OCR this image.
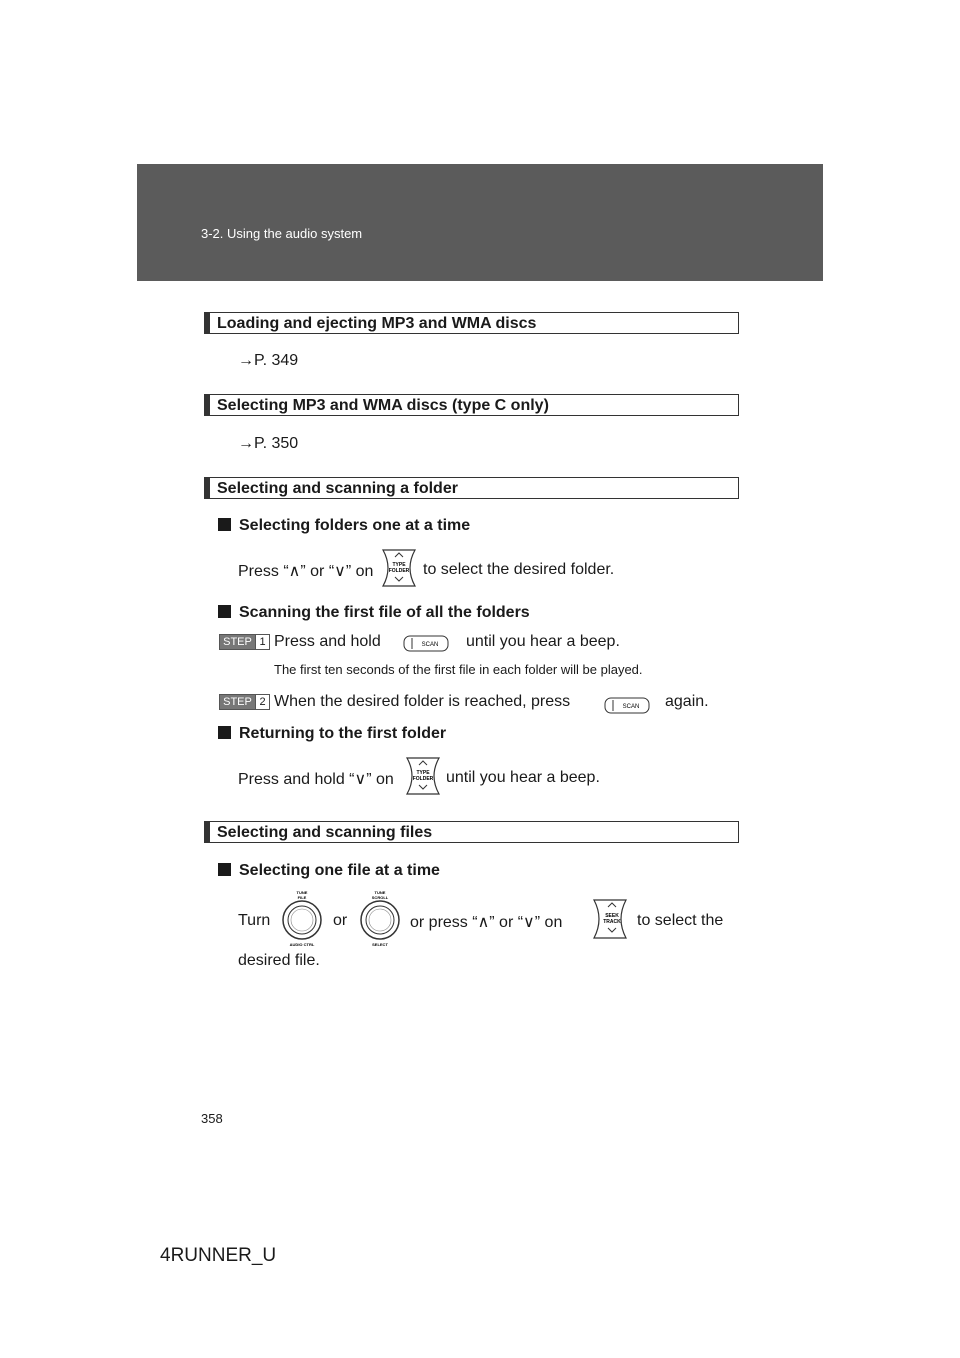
3-2. Using the audio system
Loading and ejecting MP3 and WMA discs
→P. 349
Selecting MP3 and WMA discs (type C only)
→P. 350
Selecting and scanning a folder
Selecting folders one at a time
Press “∧” or “∨” on	TYPE
FOLDER to select the desired folder.
Scanning the first file of all the folders
STEP 1 Press and hold	SCAN until you hear a beep.
The first ten seconds of the first file in each folder will be played.
STEP 2 When the desired folder is reached, press	SCAN again.
Returning to the first folder
Press and hold “∨” on	TYPE
FOLDER until you hear a beep.
Selecting and scanning files
Selecting one file at a time
Turn
TUNE
FILE
AUDIO CTRL
or
TUNE
SCROLL
SELECT
or press “∧” or “∨” on	SEEK
TRACK to select the
desired file.
358
4RUNNER_U
